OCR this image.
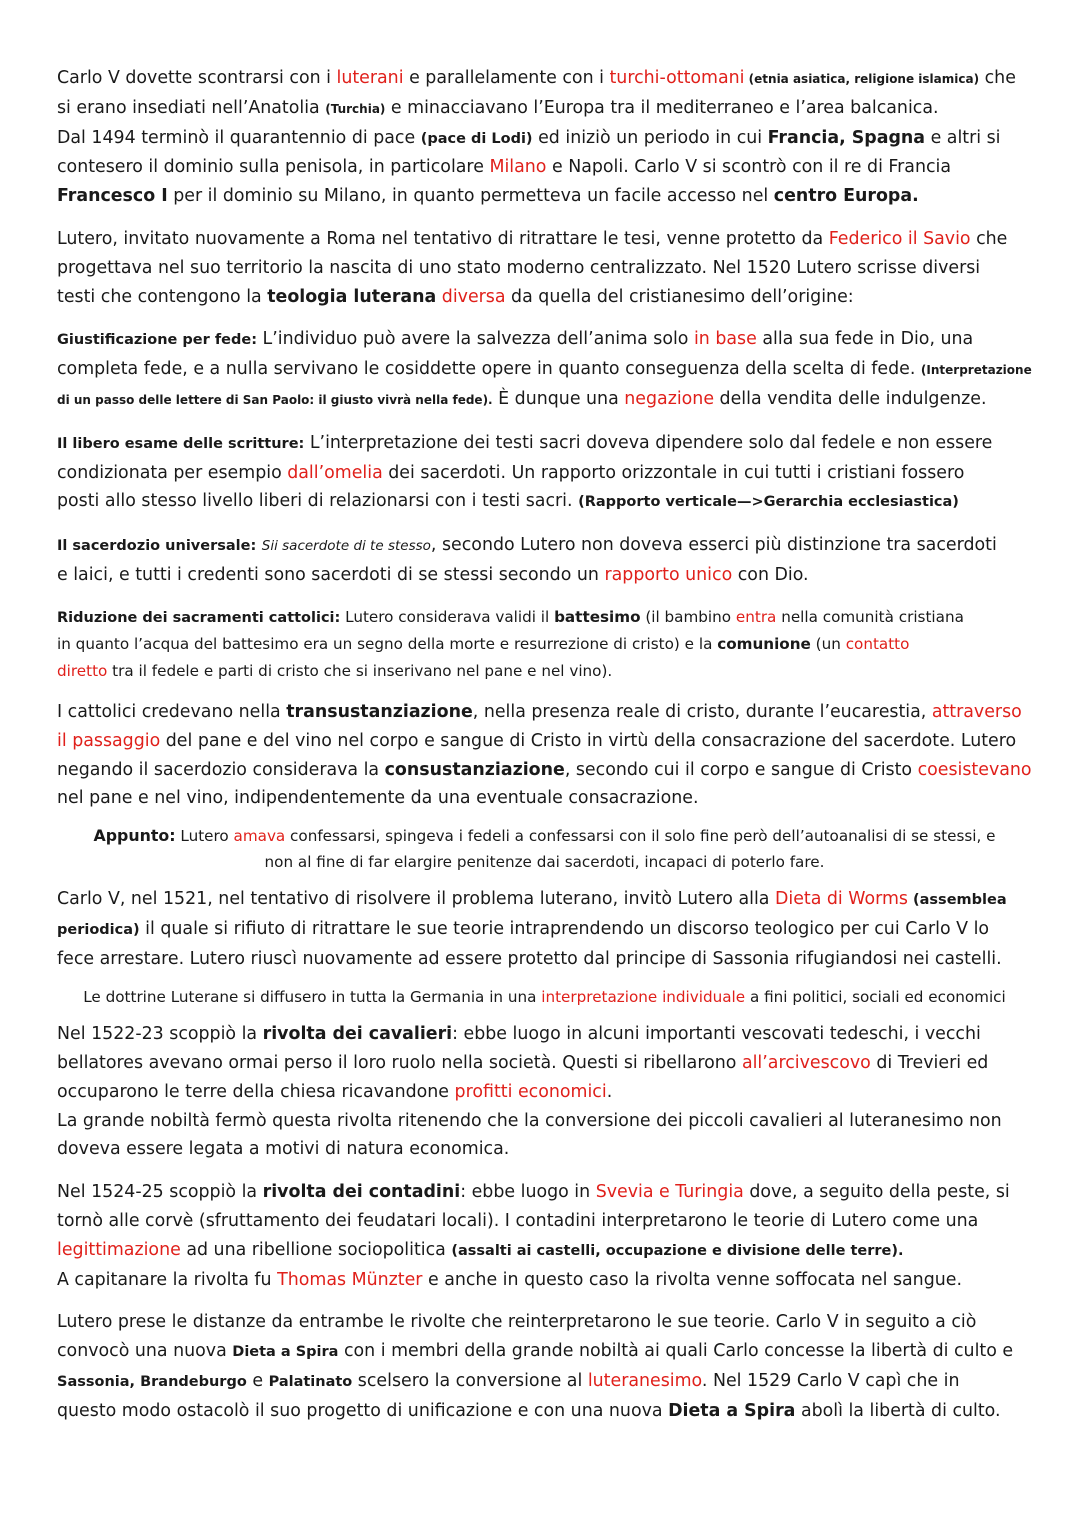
Carlo V dovette scontrarsi con i luterani e parallelamente con i turchi-ottomani (etnia asiatica, religione islamica) che
si erano insediati nell’Anatolia (Turchia) e minacciavano l’Europa tra il mediterraneo e l’area balcanica.
Dal 1494 terminò il quarantennio di pace (pace di Lodi) ed iniziò un periodo in cui Francia, Spagna e altri si
contesero il dominio sulla penisola, in particolare Milano e Napoli. Carlo V si scontrò con il re di Francia
Francesco I per il dominio su Milano, in quanto permetteva un facile accesso nel centro Europa.

Lutero, invitato nuovamente a Roma nel tentativo di ritrattare le tesi, venne protetto da Federico il Savio che
progettava nel suo territorio la nascita di uno stato moderno centralizzato. Nel 1520 Lutero scrisse diversi
testi che contengono la teologia luterana diversa da quella del cristianesimo dell’origine:

Giustificazione per fede: L’individuo può avere la salvezza dell’anima solo in base alla sua fede in Dio, una
completa fede, e a nulla servivano le cosiddette opere in quanto conseguenza della scelta di fede. (Interpretazione
di un passo delle lettere di San Paolo: il giusto vivrà nella fede). È dunque una negazione della vendita delle indulgenze.

Il libero esame delle scritture: L’interpretazione dei testi sacri doveva dipendere solo dal fedele e non essere
condizionata per esempio dall’omelia dei sacerdoti. Un rapporto orizzontale in cui tutti i cristiani fossero
posti allo stesso livello liberi di relazionarsi con i testi sacri. (Rapporto verticale—>Gerarchia ecclesiastica)

Il sacerdozio universale: Sii sacerdote di te stesso, secondo Lutero non doveva esserci più distinzione tra sacerdoti
e laici, e tutti i credenti sono sacerdoti di se stessi secondo un rapporto unico con Dio.

Riduzione dei sacramenti cattolici: Lutero considerava validi il battesimo (il bambino entra nella comunità cristiana
in quanto l’acqua del battesimo era un segno della morte e resurrezione di cristo) e la comunione (un contatto
diretto tra il fedele e parti di cristo che si inserivano nel pane e nel vino).

I cattolici credevano nella transustanziazione, nella presenza reale di cristo, durante l’eucarestia, attraverso
il passaggio del pane e del vino nel corpo e sangue di Cristo in virtù della consacrazione del sacerdote. Lutero
negando il sacerdozio considerava la consustanziazione, secondo cui il corpo e sangue di Cristo coesistevano
nel pane e nel vino, indipendentemente da una eventuale consacrazione.

Appunto: Lutero amava confessarsi, spingeva i fedeli a confessarsi con il solo fine però dell’autoanalisi di se stessi, e
non al fine di far elargire penitenze dai sacerdoti, incapaci di poterlo fare.

Carlo V, nel 1521, nel tentativo di risolvere il problema luterano, invitò Lutero alla Dieta di Worms (assemblea
periodica) il quale si rifiuto di ritrattare le sue teorie intraprendendo un discorso teologico per cui Carlo V lo
fece arrestare. Lutero riuscì nuovamente ad essere protetto dal principe di Sassonia rifugiandosi nei castelli.

Le dottrine Luterane si diffusero in tutta la Germania in una interpretazione individuale a fini politici, sociali ed economici

Nel 1522-23 scoppiò la rivolta dei cavalieri: ebbe luogo in alcuni importanti vescovati tedeschi, i vecchi
bellatores avevano ormai perso il loro ruolo nella società. Questi si ribellarono all’arcivescovo di Trevieri ed
occuparono le terre della chiesa ricavandone profitti economici.
La grande nobiltà fermò questa rivolta ritenendo che la conversione dei piccoli cavalieri al luteranesimo non
doveva essere legata a motivi di natura economica.

Nel 1524-25 scoppiò la rivolta dei contadini: ebbe luogo in Svevia e Turingia dove, a seguito della peste, si
tornò alle corvè (sfruttamento dei feudatari locali). I contadini interpretarono le teorie di Lutero come una
legittimazione ad una ribellione sociopolitica (assalti ai castelli, occupazione e divisione delle terre).
A capitanare la rivolta fu Thomas Münzter e anche in questo caso la rivolta venne soffocata nel sangue.

Lutero prese le distanze da entrambe le rivolte che reinterpretarono le sue teorie. Carlo V in seguito a ciò
convocò una nuova Dieta a Spira con i membri della grande nobiltà ai quali Carlo concesse la libertà di culto e
Sassonia, Brandeburgo e Palatinato scelsero la conversione al luteranesimo. Nel 1529 Carlo V capì che in
questo modo ostacolò il suo progetto di unificazione e con una nuova Dieta a Spira abolì la libertà di culto.
